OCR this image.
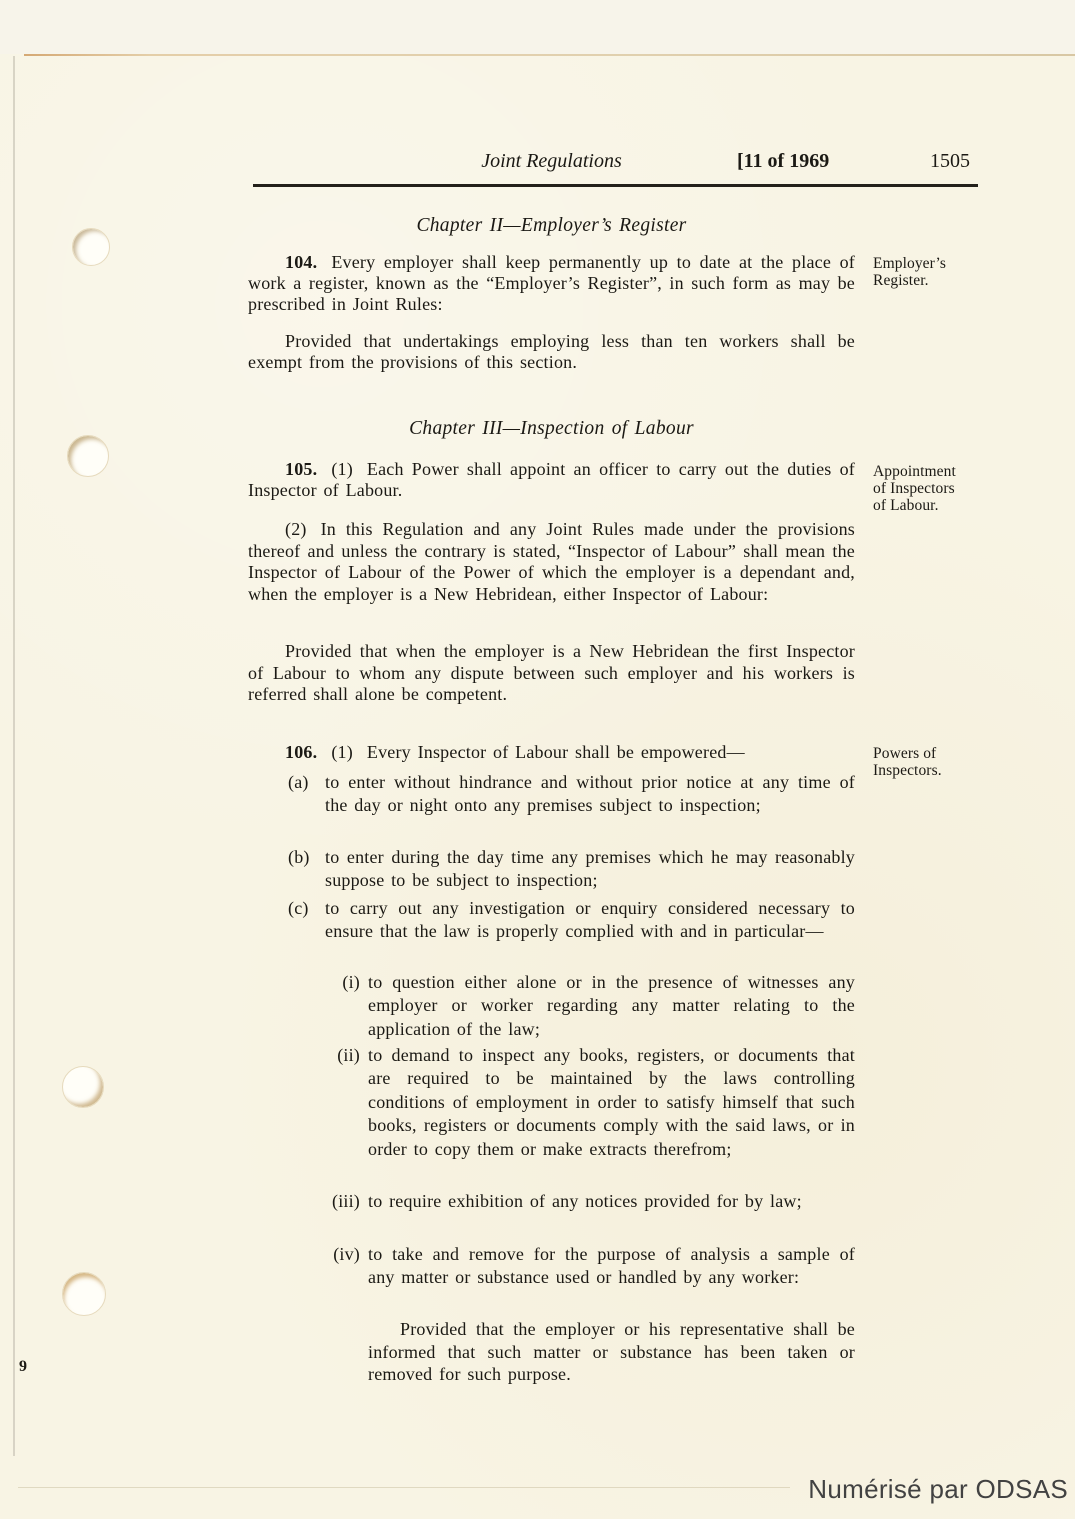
Joint Regulations	[11 of 1969	1505
Chapter II—Employer’s Register
104. Every employer shall keep permanently up to date at the place of work a register, known as the “Employer’s Register”, in such form as may be prescribed in Joint Rules:
Provided that undertakings employing less than ten workers shall be exempt from the provisions of this section.
Employer’s Register.
Chapter III—Inspection of Labour
105. (1) Each Power shall appoint an officer to carry out the duties of Inspector of Labour.
(2) In this Regulation and any Joint Rules made under the provisions thereof and unless the contrary is stated, “Inspector of Labour” shall mean the Inspector of Labour of the Power of which the employer is a dependant and, when the employer is a New Hebridean, either Inspector of Labour:
Provided that when the employer is a New Hebridean the first Inspector of Labour to whom any dispute between such employer and his workers is referred shall alone be competent.
Appointment of Inspectors of Labour.
106. (1) Every Inspector of Labour shall be empowered—	Powers of Inspectors.
(a) to enter without hindrance and without prior notice at any time of the day or night onto any premises subject to inspection;
(b) to enter during the day time any premises which he may reasonably suppose to be subject to inspection;
(c) to carry out any investigation or enquiry considered necessary to ensure that the law is properly complied with and in particular—
(i) to question either alone or in the presence of witnesses any employer or worker regarding any matter relating to the application of the law;
(ii) to demand to inspect any books, registers, or documents that are required to be maintained by the laws controlling conditions of employment in order to satisfy himself that such books, registers or documents comply with the said laws, or in order to copy them or make extracts therefrom;
(iii) to require exhibition of any notices provided for by law;
(iv) to take and remove for the purpose of analysis a sample of any matter or substance used or handled by any worker:
Provided that the employer or his representative shall be informed that such matter or substance has been taken or removed for such purpose.
9
Numérisé par ODSAS
